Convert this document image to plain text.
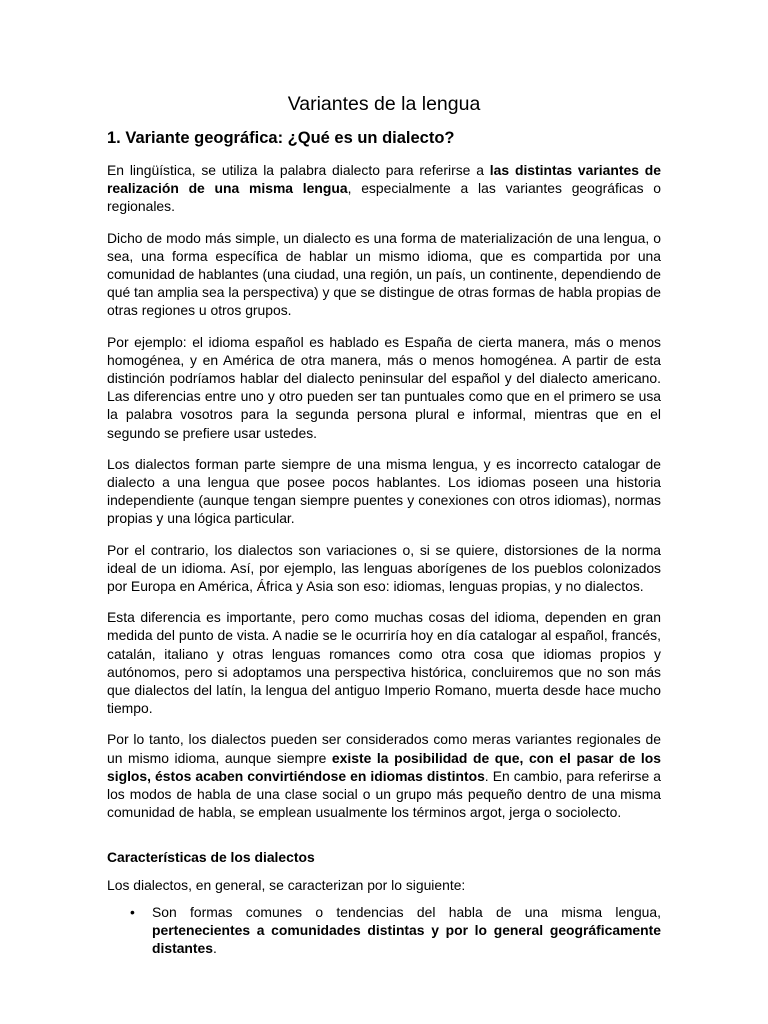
Variantes de la lengua
1. Variante geográfica: ¿Qué es un dialecto?

En lingüística, se utiliza la palabra dialecto para referirse a las distintas variantes de realización de una misma lengua, especialmente a las variantes geográficas o regionales.

Dicho de modo más simple, un dialecto es una forma de materialización de una lengua, o sea, una forma específica de hablar un mismo idioma, que es compartida por una comunidad de hablantes (una ciudad, una región, un país, un continente, dependiendo de qué tan amplia sea la perspectiva) y que se distingue de otras formas de habla propias de otras regiones u otros grupos.

Por ejemplo: el idioma español es hablado es España de cierta manera, más o menos homogénea, y en América de otra manera, más o menos homogénea. A partir de esta distinción podríamos hablar del dialecto peninsular del español y del dialecto americano. Las diferencias entre uno y otro pueden ser tan puntuales como que en el primero se usa la palabra vosotros para la segunda persona plural e informal, mientras que en el segundo se prefiere usar ustedes.

Los dialectos forman parte siempre de una misma lengua, y es incorrecto catalogar de dialecto a una lengua que posee pocos hablantes. Los idiomas poseen una historia independiente (aunque tengan siempre puentes y conexiones con otros idiomas), normas propias y una lógica particular.

Por el contrario, los dialectos son variaciones o, si se quiere, distorsiones de la norma ideal de un idioma. Así, por ejemplo, las lenguas aborígenes de los pueblos colonizados por Europa en América, África y Asia son eso: idiomas, lenguas propias, y no dialectos.

Esta diferencia es importante, pero como muchas cosas del idioma, dependen en gran medida del punto de vista. A nadie se le ocurriría hoy en día catalogar al español, francés, catalán, italiano y otras lenguas romances como otra cosa que idiomas propios y autónomos, pero si adoptamos una perspectiva histórica, concluiremos que no son más que dialectos del latín, la lengua del antiguo Imperio Romano, muerta desde hace mucho tiempo.

Por lo tanto, los dialectos pueden ser considerados como meras variantes regionales de un mismo idioma, aunque siempre existe la posibilidad de que, con el pasar de los siglos, éstos acaben convirtiéndose en idiomas distintos. En cambio, para referirse a los modos de habla de una clase social o un grupo más pequeño dentro de una misma comunidad de habla, se emplean usualmente los términos argot, jerga o sociolecto.

Características de los dialectos

Los dialectos, en general, se caracterizan por lo siguiente:

• Son formas comunes o tendencias del habla de una misma lengua, pertenecientes a comunidades distintas y por lo general geográficamente distantes.
